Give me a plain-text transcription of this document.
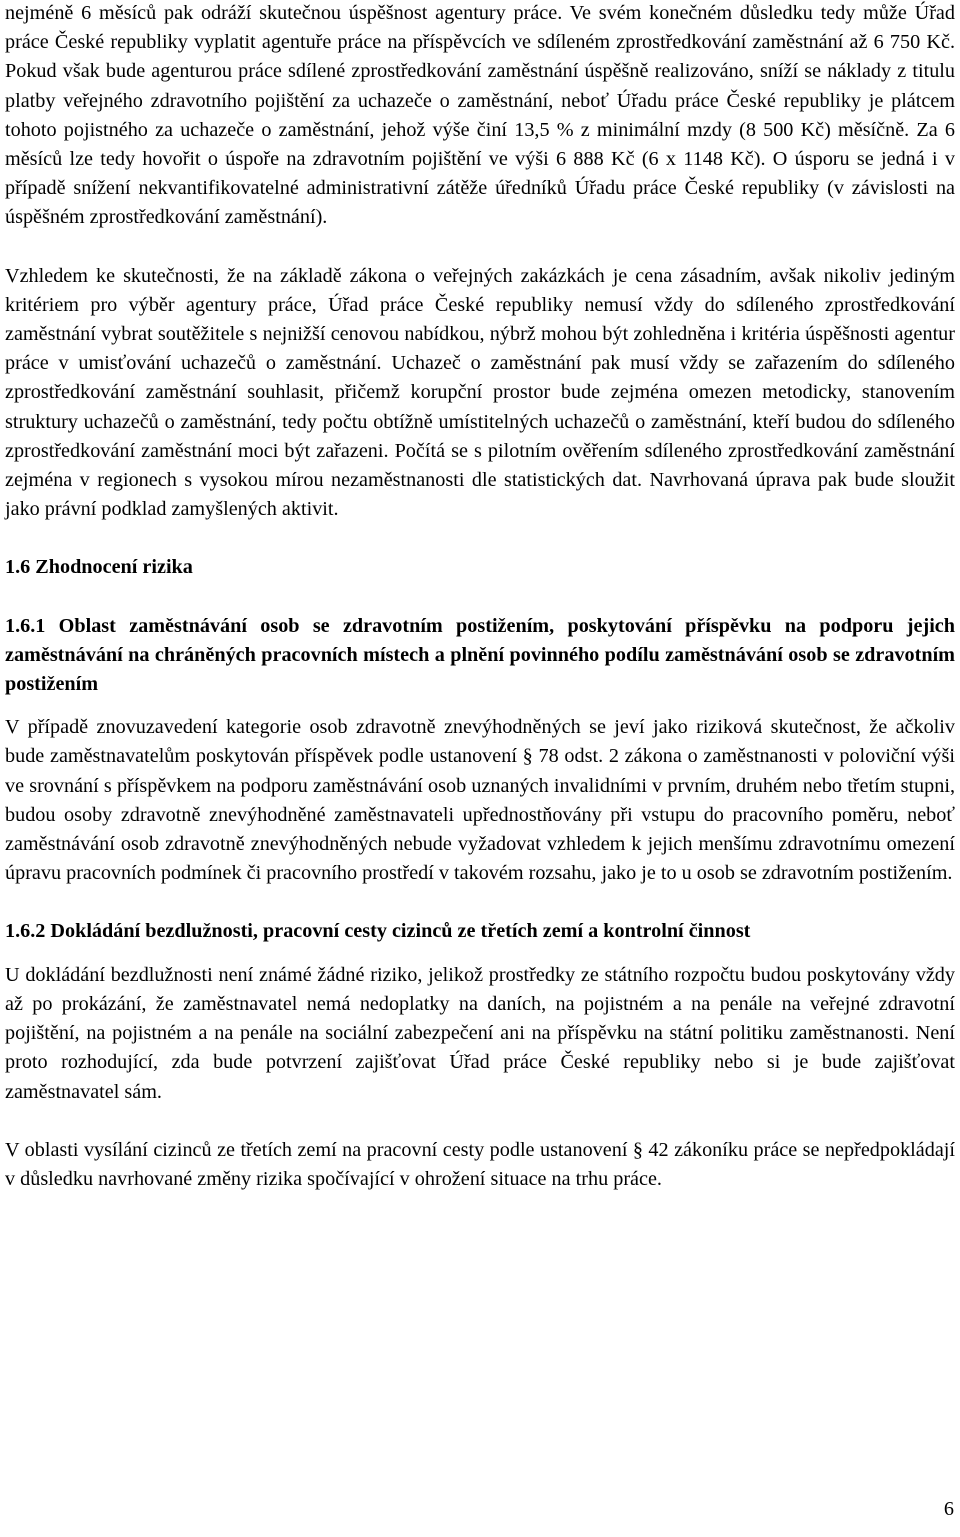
nejméně 6 měsíců pak odráží skutečnou úspěšnost agentury práce. Ve svém konečném důsledku tedy může Úřad práce České republiky vyplatit agentuře práce na příspěvcích ve sdíleném zprostředkování zaměstnání až 6 750 Kč. Pokud však bude agenturou práce sdílené zprostředkování zaměstnání úspěšně realizováno, sníží se náklady z titulu platby veřejného zdravotního pojištění za uchazeče o zaměstnání, neboť Úřadu práce České republiky je plátcem tohoto pojistného za uchazeče o zaměstnání, jehož výše činí 13,5 % z minimální mzdy (8 500 Kč) měsíčně. Za 6 měsíců lze tedy hovořit o úspoře na zdravotním pojištění ve výši 6 888 Kč (6 x 1148 Kč). O úsporu se jedná i v případě snížení nekvantifikovatelné administrativní zátěže úředníků Úřadu práce České republiky (v závislosti na úspěšném zprostředkování zaměstnání).

Vzhledem ke skutečnosti, že na základě zákona o veřejných zakázkách je cena zásadním, avšak nikoliv jediným kritériem pro výběr agentury práce, Úřad práce České republiky nemusí vždy do sdíleného zprostředkování zaměstnání vybrat soutěžitele s nejnižší cenovou nabídkou, nýbrž mohou být zohledněna i kritéria úspěšnosti agentur práce v umisťování uchazečů o zaměstnání. Uchazeč o zaměstnání pak musí vždy se zařazením do sdíleného zprostředkování zaměstnání souhlasit, přičemž korupční prostor bude zejména omezen metodicky, stanovením struktury uchazečů o zaměstnání, tedy počtu obtížně umístitelných uchazečů o zaměstnání, kteří budou do sdíleného zprostředkování zaměstnání moci být zařazeni. Počítá se s pilotním ověřením sdíleného zprostředkování zaměstnání zejména v regionech s vysokou mírou nezaměstnanosti dle statistických dat. Navrhovaná úprava pak bude sloužit jako právní podklad zamyšlených aktivit.

1.6 Zhodnocení rizika
1.6.1 Oblast zaměstnávání osob se zdravotním postižením, poskytování příspěvku na podporu jejich zaměstnávání na chráněných pracovních místech a plnění povinného podílu zaměstnávání osob se zdravotním postižením

V případě znovuzavedení kategorie osob zdravotně znevýhodněných se jeví jako riziková skutečnost, že ačkoliv bude zaměstnavatelům poskytován příspěvek podle ustanovení § 78 odst. 2 zákona o zaměstnanosti v poloviční výši ve srovnání s příspěvkem na podporu zaměstnávání osob uznaných invalidními v prvním, druhém nebo třetím stupni, budou osoby zdravotně znevýhodněné zaměstnavateli upřednostňovány při vstupu do pracovního poměru, neboť zaměstnávání osob zdravotně znevýhodněných nebude vyžadovat vzhledem k jejich menšímu zdravotnímu omezení úpravu pracovních podmínek či pracovního prostředí v takovém rozsahu, jako je to u osob se zdravotním postižením.

1.6.2 Dokládání bezdlužnosti, pracovní cesty cizinců ze třetích zemí a kontrolní činnost

U dokládání bezdlužnosti není známé žádné riziko, jelikož prostředky ze státního rozpočtu budou poskytovány vždy až po prokázání, že zaměstnavatel nemá nedoplatky na daních, na pojistném a na penále na veřejné zdravotní pojištění, na pojistném a na penále na sociální zabezpečení ani na příspěvku na státní politiku zaměstnanosti. Není proto rozhodující, zda bude potvrzení zajišťovat Úřad práce České republiky nebo si je bude zajišťovat zaměstnavatel sám.

V oblasti vysílání cizinců ze třetích zemí na pracovní cesty podle ustanovení § 42 zákoníku práce se nepředpokládají v důsledku navrhované změny rizika spočívající v ohrožení situace na trhu práce.

6
